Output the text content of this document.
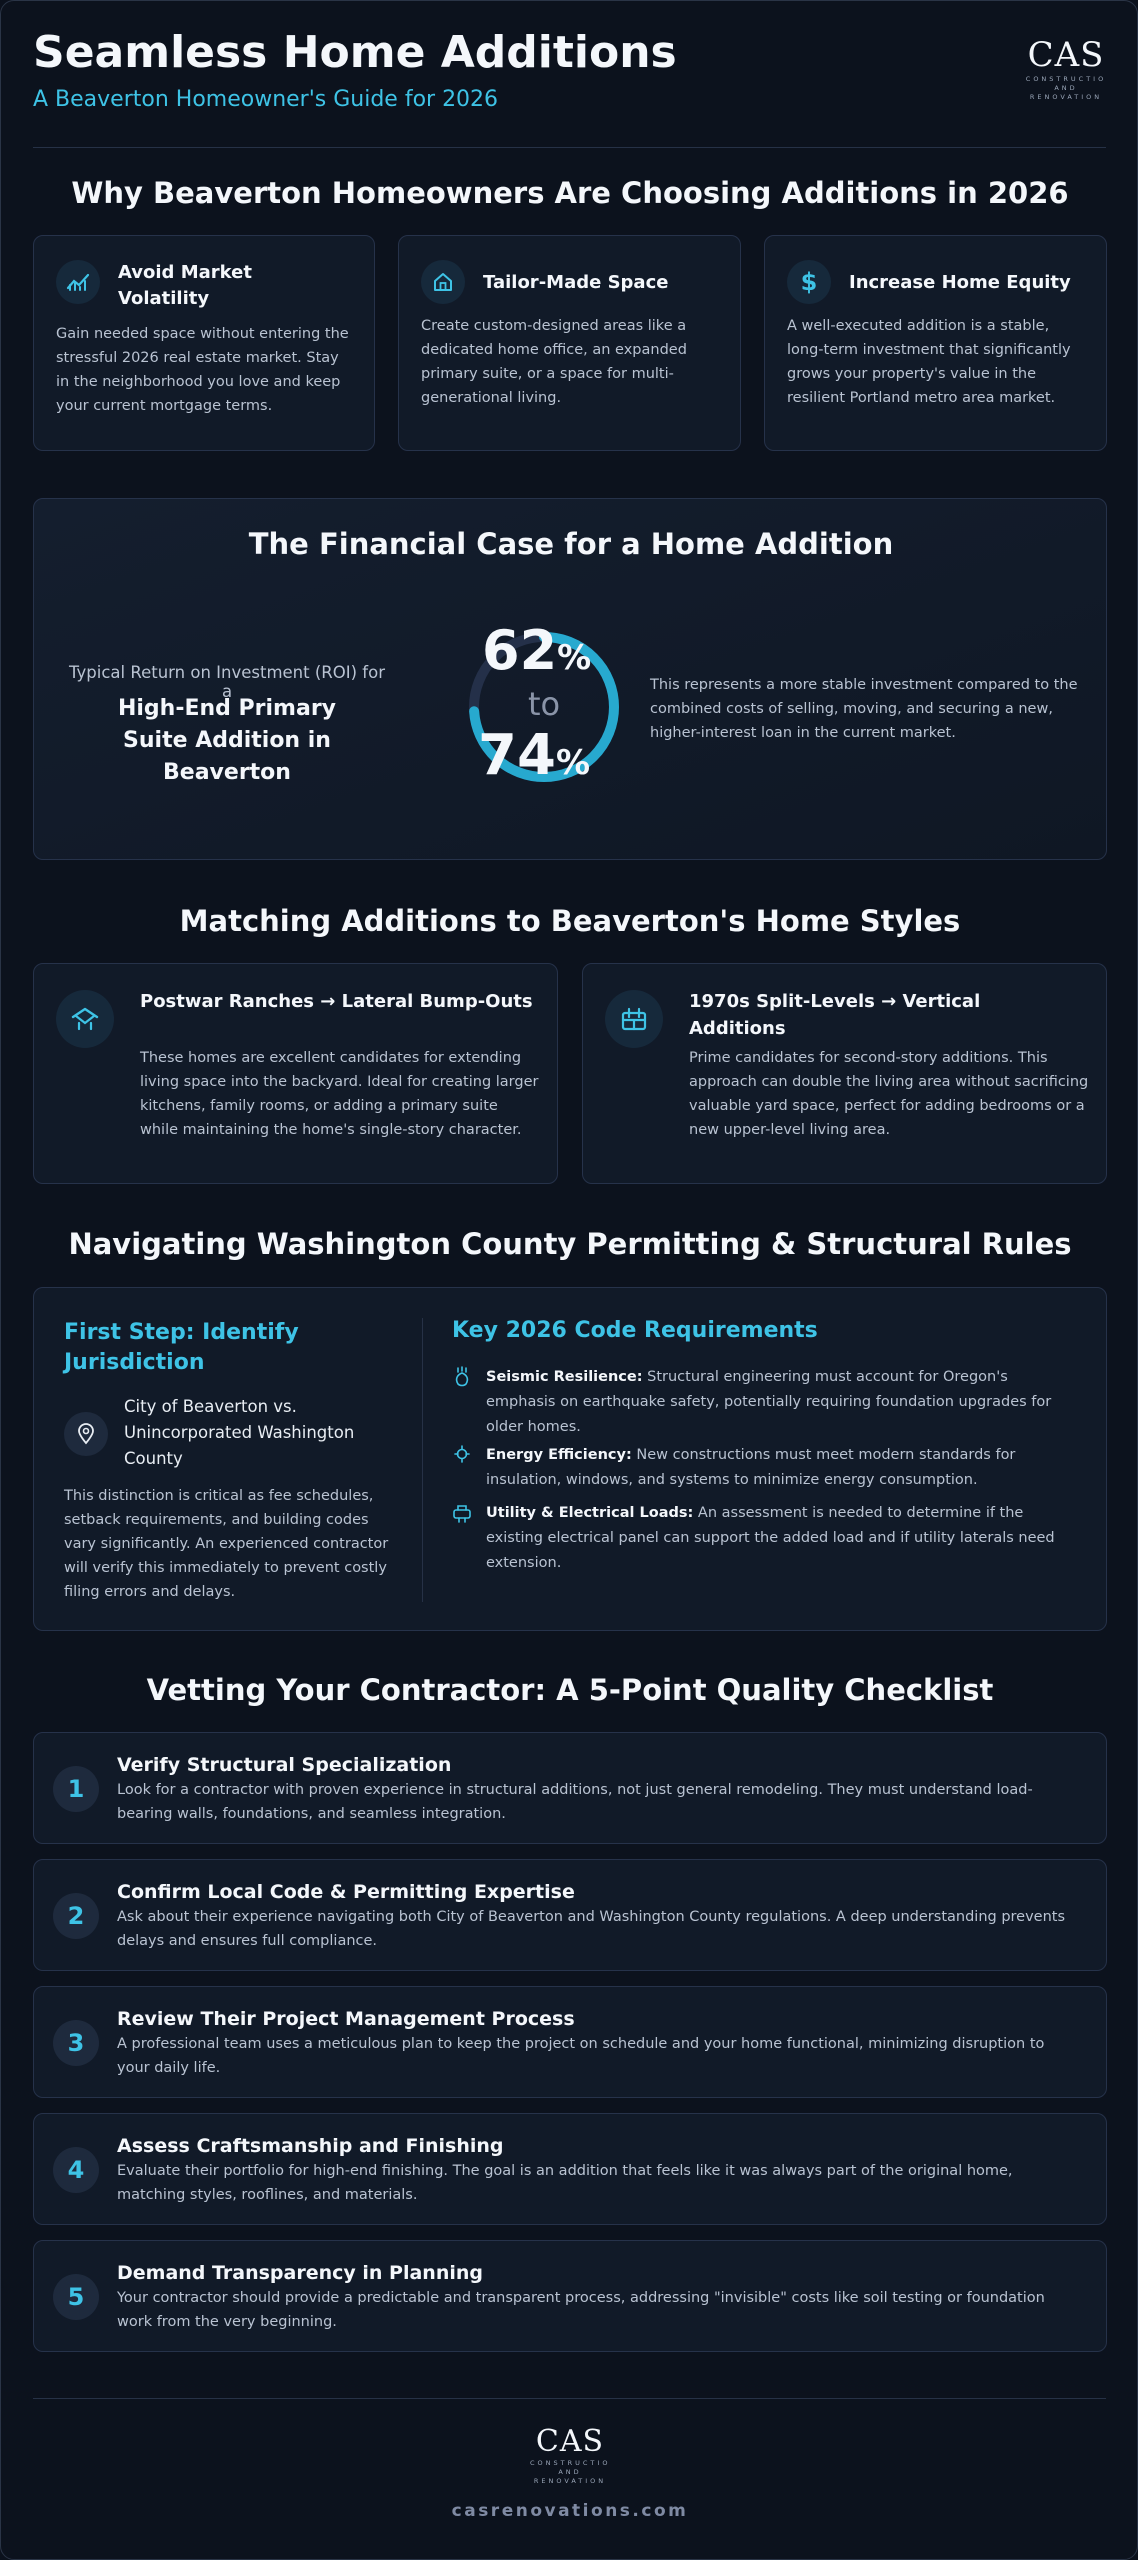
Seamless Home Additions
A Beaverton Homeowner's Guide for 2026
CAS
CONSTRUCTIO
AND
RENOVATION
Why Beaverton Homeowners Are Choosing Additions in 2026
Avoid Market Volatility
Gain needed space without entering the stressful 2026 real estate market. Stay in the neighborhood you love and keep your current mortgage terms.
Tailor-Made Space
Create custom-designed areas like a dedicated home office, an expanded primary suite, or a space for multi-generational living.
$ Increase Home Equity
A well-executed addition is a stable, long-term investment that significantly grows your property's value in the resilient Portland metro area market.
The Financial Case for a Home Addition
Typical Return on Investment (ROI) for a
High-End Primary Suite Addition in Beaverton
62%
to
74%
This represents a more stable investment compared to the combined costs of selling, moving, and securing a new, higher-interest loan in the current market.
Matching Additions to Beaverton's Home Styles
Postwar Ranches → Lateral Bump-Outs
These homes are excellent candidates for extending living space into the backyard. Ideal for creating larger kitchens, family rooms, or adding a primary suite while maintaining the home's single-story character.
1970s Split-Levels → Vertical Additions
Prime candidates for second-story additions. This approach can double the living area without sacrificing valuable yard space, perfect for adding bedrooms or a new upper-level living area.
Navigating Washington County Permitting & Structural Rules
First Step: Identify Jurisdiction
City of Beaverton vs. Unincorporated Washington County
This distinction is critical as fee schedules, setback requirements, and building codes vary significantly. An experienced contractor will verify this immediately to prevent costly filing errors and delays.
Key 2026 Code Requirements
Seismic Resilience: Structural engineering must account for Oregon's emphasis on earthquake safety, potentially requiring foundation upgrades for older homes.
Energy Efficiency: New constructions must meet modern standards for insulation, windows, and systems to minimize energy consumption.
Utility & Electrical Loads: An assessment is needed to determine if the existing electrical panel can support the added load and if utility laterals need extension.
Vetting Your Contractor: A 5-Point Quality Checklist
1
Verify Structural Specialization
Look for a contractor with proven experience in structural additions, not just general remodeling. They must understand load-bearing walls, foundations, and seamless integration.
2
Confirm Local Code & Permitting Expertise
Ask about their experience navigating both City of Beaverton and Washington County regulations. A deep understanding prevents delays and ensures full compliance.
3
Review Their Project Management Process
A professional team uses a meticulous plan to keep the project on schedule and your home functional, minimizing disruption to your daily life.
4
Assess Craftsmanship and Finishing
Evaluate their portfolio for high-end finishing. The goal is an addition that feels like it was always part of the original home, matching styles, rooflines, and materials.
5
Demand Transparency in Planning
Your contractor should provide a predictable and transparent process, addressing "invisible" costs like soil testing or foundation work from the very beginning.
CAS
CONSTRUCTIO
AND
RENOVATION
casrenovations.com
